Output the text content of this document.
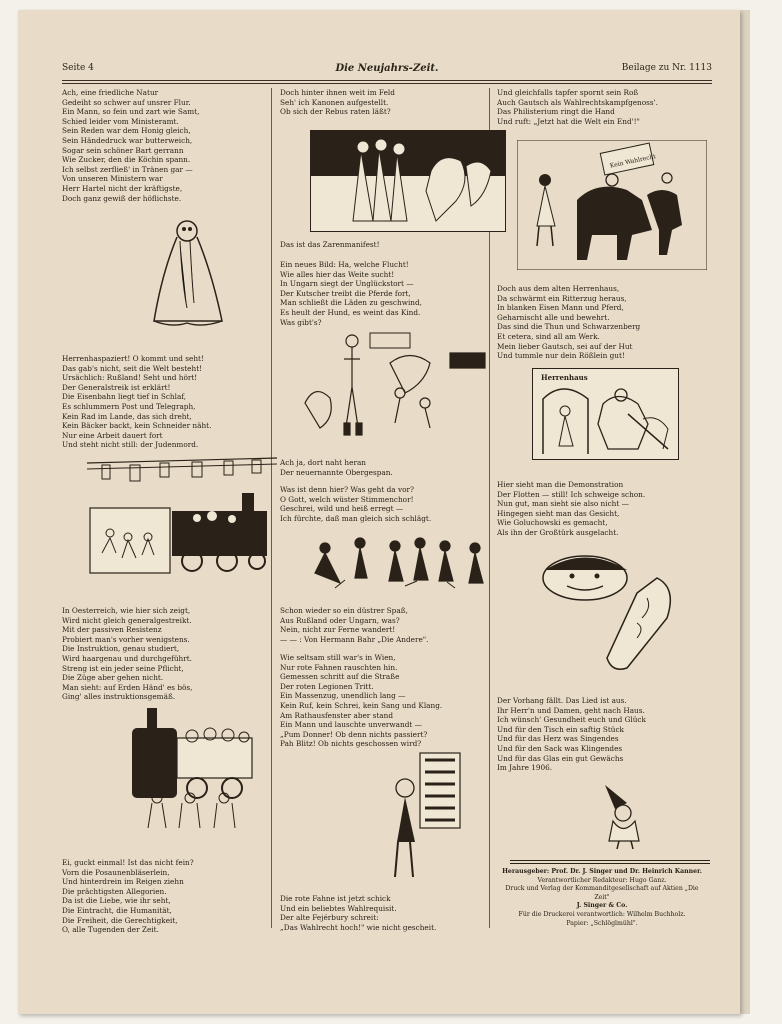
Seite 4	Die Neujahrs-Zeit.	Beilage zu Nr. 1113
Ach, eine friedliche Natur
Gedeiht so schwer auf unsrer Flur.
Ein Mann, so fein und zart wie Samt,
Schied leider vom Ministeramt.
Sein Reden war dem Honig gleich,
Sein Händedruck war butterweich,
Sogar sein schöner Bart gerrann
Wie Zucker, den die Köchin spann.
Ich selbst zerfließ' in Tränen gar —
Von unseren Ministern war
Herr Hartel nicht der kräftigste,
Doch ganz gewiß der höflichste.
Herrenhaspaziert! O kommt und seht!
Das gab's nicht, seit die Welt besteht!
Ursächlich: Rußland! Seht und hört!
Der Generalstreik ist erklärt!
Die Eisenbahn liegt tief in Schlaf,
Es schlummern Post und Telegraph,
Kein Rad im Lande, das sich dreht,
Kein Bäcker backt, kein Schneider näht.
Nur eine Arbeit dauert fort
Und steht nicht still: der Judenmord.
In Oesterreich, wie hier sich zeigt,
Wird nicht gleich generalgestreikt.
Mit der passiven Resistenz
Probiert man's vorher wenigstens.
Die Instruktion, genau studiert,
Wird haargenau und durchgeführt.
Streng ist ein jeder seine Pflicht,
Die Züge aber gehen nicht.
Man sieht: auf Erden Händ' es bös,
Ging' alles instruktionsgemäß.
Ei, guckt einmal! Ist das nicht fein?
Vorn die Posaunenbläserlein,
Und hinterdrein im Reigen ziehn
Die prächtigsten Allegorien.
Da ist die Liebe, wie ihr seht,
Die Eintracht, die Humanität,
Die Freiheit, die Gerechtigkeit,
O, alle Tugenden der Zeit.
Doch hinter ihnen weit im Feld
Seh' ich Kanonen aufgestellt.
Ob sich der Rebus raten läßt?
Das ist das Zarenmanifest!
Ein neues Bild: Ha, welche Flucht!
Wie alles hier das Weite sucht!
In Ungarn siegt der Unglückstort —
Der Kutscher treibt die Pferde fort,
Man schließt die Läden zu geschwind,
Es heult der Hund, es weint das Kind.
Was gibt's?
Ach ja, dort naht heran
Der neuernannte Obergespan.
Was ist denn hier? Was geht da vor?
O Gott, welch wüster Stimmenchor!
Geschrei, wild und heiß erregt —
Ich fürchte, daß man gleich sich schlägt.
Schon wieder so ein düstrer Spaß,
Aus Rußland oder Ungarn, was?
Nein, nicht zur Ferne wandert!
— — : Von Hermann Bahr „Die Andere".
Wie seltsam still war's in Wien,
Nur rote Fahnen rauschten hin.
Gemessen schritt auf die Straße
Der roten Legionen Tritt.
Ein Massenzug, unendlich lang —
Kein Ruf, kein Schrei, kein Sang und Klang.
Am Rathausfenster aber stand
Ein Mann und lauschte unverwandt —
„Pum Donner! Ob denn nichts passiert?
Pah Blitz! Ob nichts geschossen wird?
Die rote Fahne ist jetzt schick
Und ein beliebtes Wahlrequisit.
Der alte Fejérbury schreit:
„Das Wahlrecht hoch!" wie nicht gescheit.
Und gleichfalls tapfer spornt sein Roß
Auch Gautsch als Wahlrechtskampfgenoss'.
Das Philisterium ringt die Hand
Und ruft: „Jetzt hat die Welt ein End'!"
Kein Wahlrecht
Doch aus dem alten Herrenhaus,
Da schwärmt ein Ritterzug heraus,
In blanken Eisen Mann und Pferd,
Geharnischt alle und bewehrt.
Das sind die Thun und Schwarzenberg
Et cetera, sind all am Werk.
Mein lieber Gautsch, sei auf der Hut
Und tummle nur dein Rößlein gut!
Herrenhaus
Hier sieht man die Demonstration
Der Flotten — still! Ich schweige schon.
Nun gut, man sieht sie also nicht —
Hingegen sieht man das Gesicht,
Wie Goluchowski es gemacht,
Als ihn der Großtürk ausgelacht.
Der Vorhang fällt. Das Lied ist aus.
Ihr Herr'n und Damen, geht nach Haus.
Ich wünsch' Gesundheit euch und Glück
Und für den Tisch ein saftig Stück
Und für das Herz was Singendes
Und für den Sack was Klingendes
Und für das Glas ein gut Gewächs
Im Jahre 1906.
Herausgeber: Prof. Dr. J. Singer und Dr. Heinrich Kanner.
Verantwortlicher Redakteur: Hugo Ganz.
Druck und Verlag der Kommanditgesellschaft auf Aktien „Die Zeit"
J. Singer & Co.
Für die Druckerei verantwortlich: Wilhelm Buchholz.
Papier: „Schlöglmühl".
